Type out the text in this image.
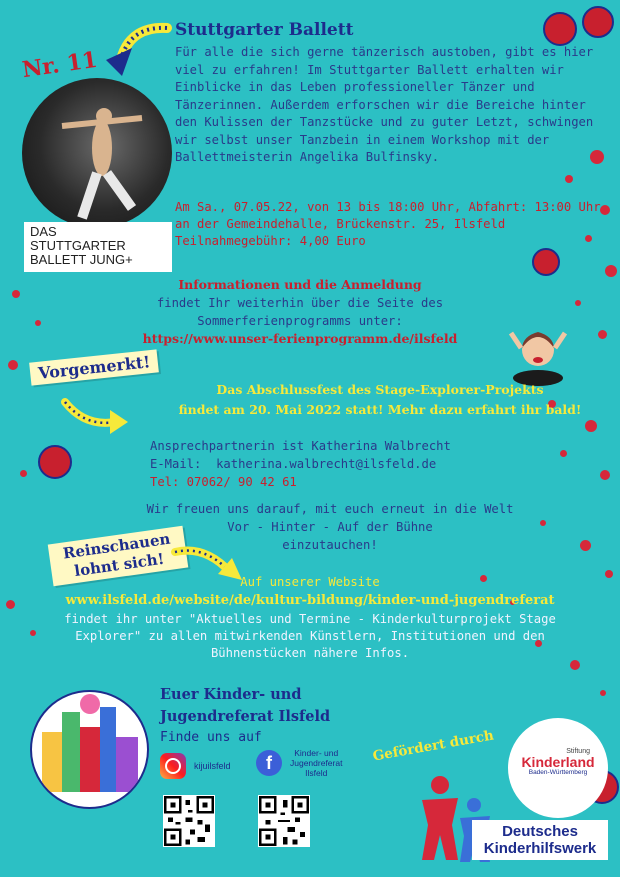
Nr. 11
DAS
STUTTGARTER
BALLETT JUNG+
Stuttgarter Ballett
Für alle die sich gerne tänzerisch austoben, gibt es hier viel zu erfahren! Im Stuttgarter Ballett erhalten wir Einblicke in das Leben professioneller Tänzer und Tänzerinnen. Außerdem erforschen wir die Bereiche hinter den Kulissen der Tanzstücke und zu guter Letzt, schwingen wir selbst unser Tanzbein in einem Workshop mit der Ballettmeisterin Angelika Bulfinsky.
Am Sa., 07.05.22, von 13 bis 18:00 Uhr, Abfahrt: 13:00 Uhr
an der Gemeindehalle, Brückenstr. 25, Ilsfeld
Teilnahmegebühr: 4,00 Euro
Informationen und die Anmeldung
findet Ihr weiterhin über die Seite des
Sommerferienprogramms unter:
https://www.unser-ferienprogramm.de/ilsfeld
Vorgemerkt!
Das Abschlussfest des Stage-Explorer-Projekts
findet am 20. Mai 2022 statt! Mehr dazu erfahrt ihr bald!
Ansprechpartnerin ist Katherina Walbrecht
E-Mail: katherina.walbrecht@ilsfeld.de
Tel: 07062/ 90 42 61
Wir freuen uns darauf, mit euch erneut in die Welt
Vor - Hinter - Auf der Bühne
einzutauchen!
Reinschauen lohnt sich!
Auf unserer Website
www.ilsfeld.de/website/de/kultur-bildung/kinder-und-jugendreferat
findet ihr unter "Aktuelles und Termine - Kinderkulturprojekt Stage
Explorer" zu allen mitwirkenden Künstlern, Institutionen und den
Bühnenstücken nähere Infos.
Euer Kinder- und
Jugendreferat Ilsfeld
Finde uns auf
kijuilsfeld	f	Kinder- und
Jugendreferat
Ilsfeld
Gefördert durch	Stiftung
Kinderland
Baden-Württemberg
Deutsches
Kinderhilfswerk
